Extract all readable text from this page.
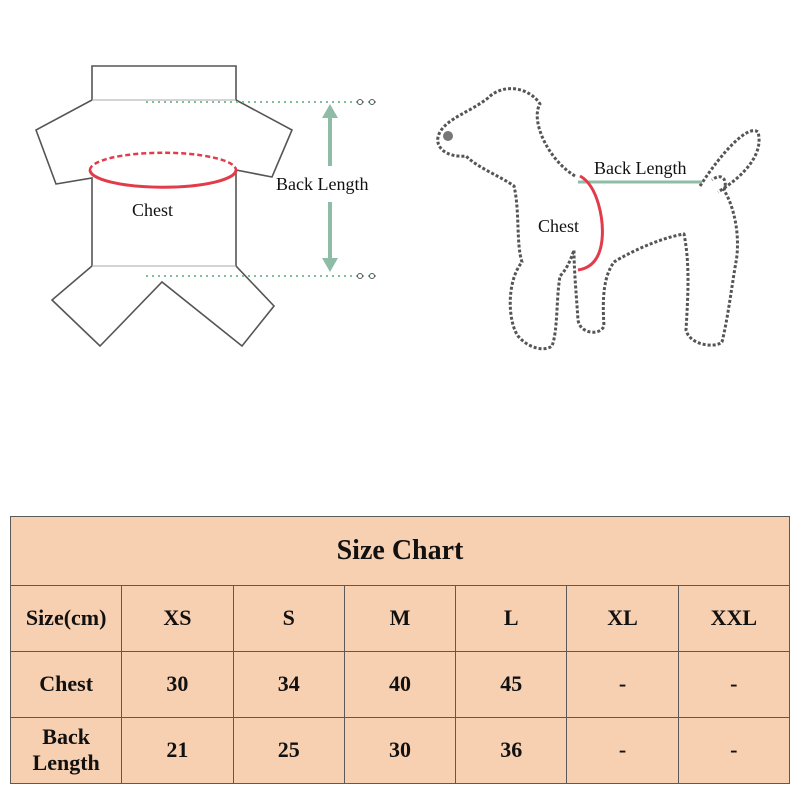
Chest
Back Length
Back Length
Chest
Size Chart						
Size(cm)	XS	S	M	L	XL	XXL
Chest	30	34	40	45	-	-
Back Length	21	25	30	36	-	-
